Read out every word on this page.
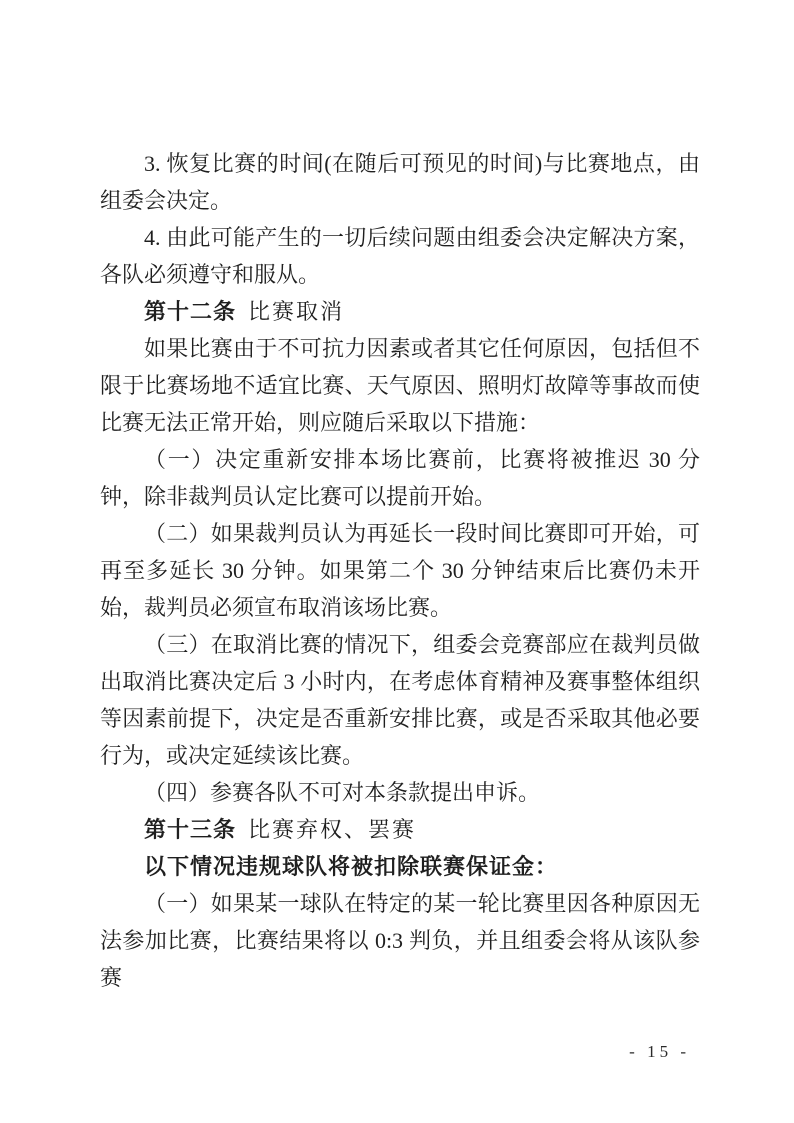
3. 恢复比赛的时间(在随后可预见的时间)与比赛地点，由组委会决定。

4. 由此可能产生的一切后续问题由组委会决定解决方案，各队必须遵守和服从。

第十二条 比赛取消

如果比赛由于不可抗力因素或者其它任何原因，包括但不限于比赛场地不适宜比赛、天气原因、照明灯故障等事故而使比赛无法正常开始，则应随后采取以下措施：

（一）决定重新安排本场比赛前，比赛将被推迟 30 分钟，除非裁判员认定比赛可以提前开始。

（二）如果裁判员认为再延长一段时间比赛即可开始，可再至多延长 30 分钟。如果第二个 30 分钟结束后比赛仍未开始，裁判员必须宣布取消该场比赛。

（三）在取消比赛的情况下，组委会竞赛部应在裁判员做出取消比赛决定后 3 小时内，在考虑体育精神及赛事整体组织等因素前提下，决定是否重新安排比赛，或是否采取其他必要行为，或决定延续该比赛。

（四）参赛各队不可对本条款提出申诉。

第十三条 比赛弃权、罢赛

以下情况违规球队将被扣除联赛保证金：

（一）如果某一球队在特定的某一轮比赛里因各种原因无法参加比赛，比赛结果将以 0:3 判负，并且组委会将从该队参赛

- 15 -
